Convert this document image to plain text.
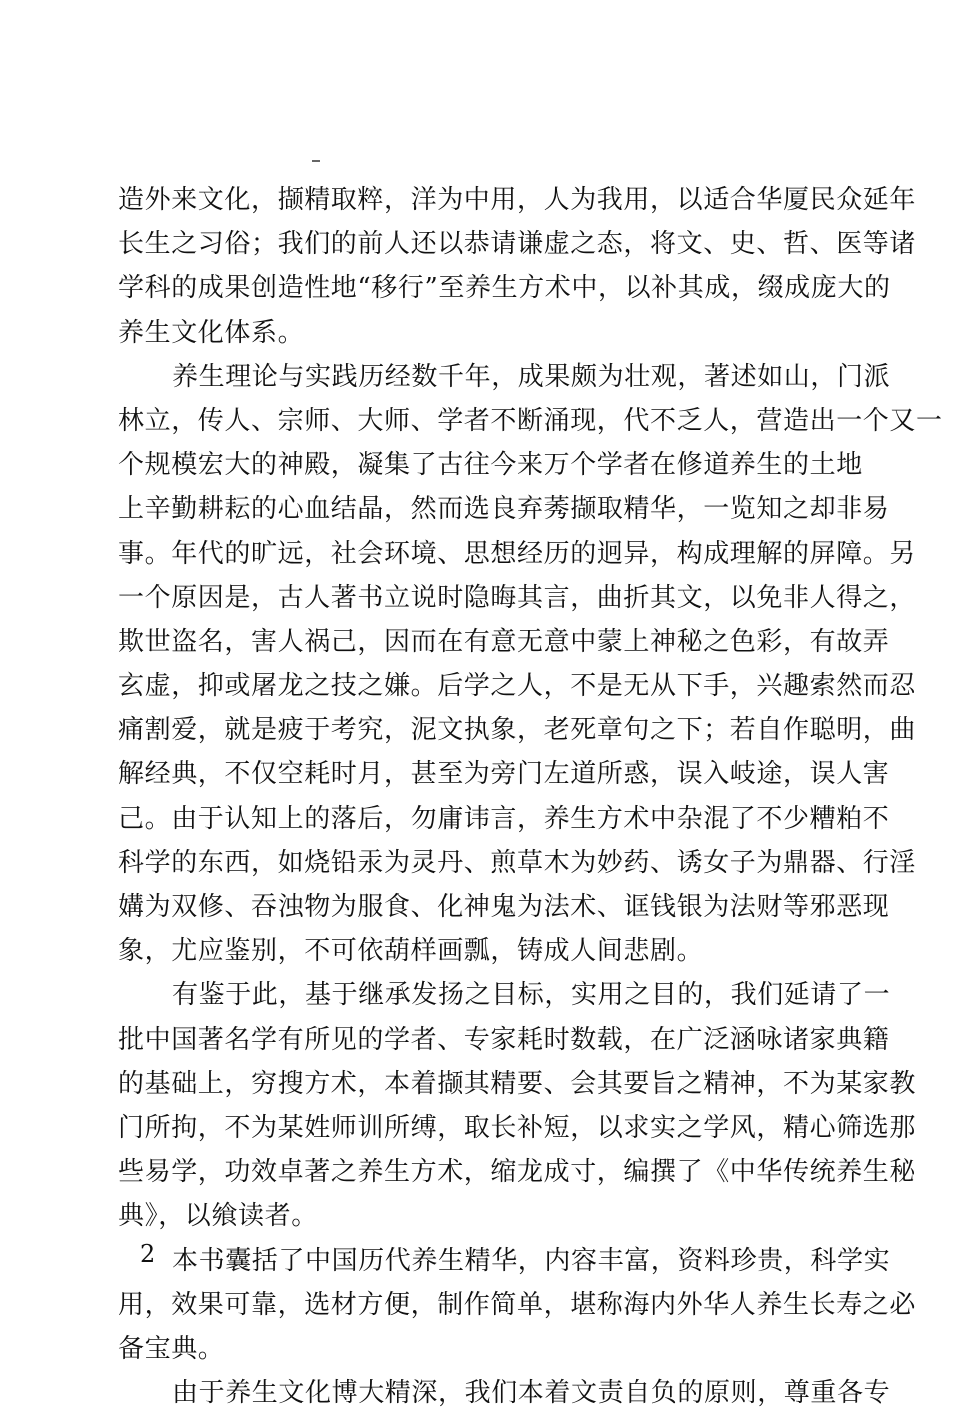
造外来文化，撷精取粹，洋为中用，人为我用，以适合华厦民众延年
长生之习俗；我们的前人还以恭请谦虚之态，将文、史、哲、医等诸
学科的成果创造性地“移行”至养生方术中，以补其成，缀成庞大的
养生文化体系。
养生理论与实践历经数千年，成果颇为壮观，著述如山，门派
林立，传人、宗师、大师、学者不断涌现，代不乏人，营造出一个又一
个规模宏大的神殿，凝集了古往今来万个学者在修道养生的土地
上辛勤耕耘的心血结晶，然而选良弃莠撷取精华，一览知之却非易
事。年代的旷远，社会环境、思想经历的迥异，构成理解的屏障。另
一个原因是，古人著书立说时隐晦其言，曲折其文，以免非人得之，
欺世盗名，害人祸己，因而在有意无意中蒙上神秘之色彩，有故弄
玄虚，抑或屠龙之技之嫌。后学之人，不是无从下手，兴趣索然而忍
痛割爱，就是疲于考究，泥文执象，老死章句之下；若自作聪明，曲
解经典，不仅空耗时月，甚至为旁门左道所惑，误入岐途，误人害
己。由于认知上的落后，勿庸讳言，养生方术中杂混了不少糟粕不
科学的东西，如烧铅汞为灵丹、煎草木为妙药、诱女子为鼎器、行淫
媾为双修、吞浊物为服食、化神鬼为法术、诓钱银为法财等邪恶现
象，尤应鉴别，不可依葫样画瓢，铸成人间悲剧。
有鉴于此，基于继承发扬之目标，实用之目的，我们延请了一
批中国著名学有所见的学者、专家耗时数载，在广泛涵咏诸家典籍
的基础上，穷搜方术，本着撷其精要、会其要旨之精神，不为某家教
门所拘，不为某姓师训所缚，取长补短，以求实之学风，精心筛选那
些易学，功效卓著之养生方术，缩龙成寸，编撰了《中华传统养生秘
典》，以飨读者。
本书囊括了中国历代养生精华，内容丰富，资料珍贵，科学实
用，效果可靠，选材方便，制作简单，堪称海内外华人养生长寿之必
备宝典。
由于养生文化博大精深，我们本着文责自负的原则，尊重各专
2
